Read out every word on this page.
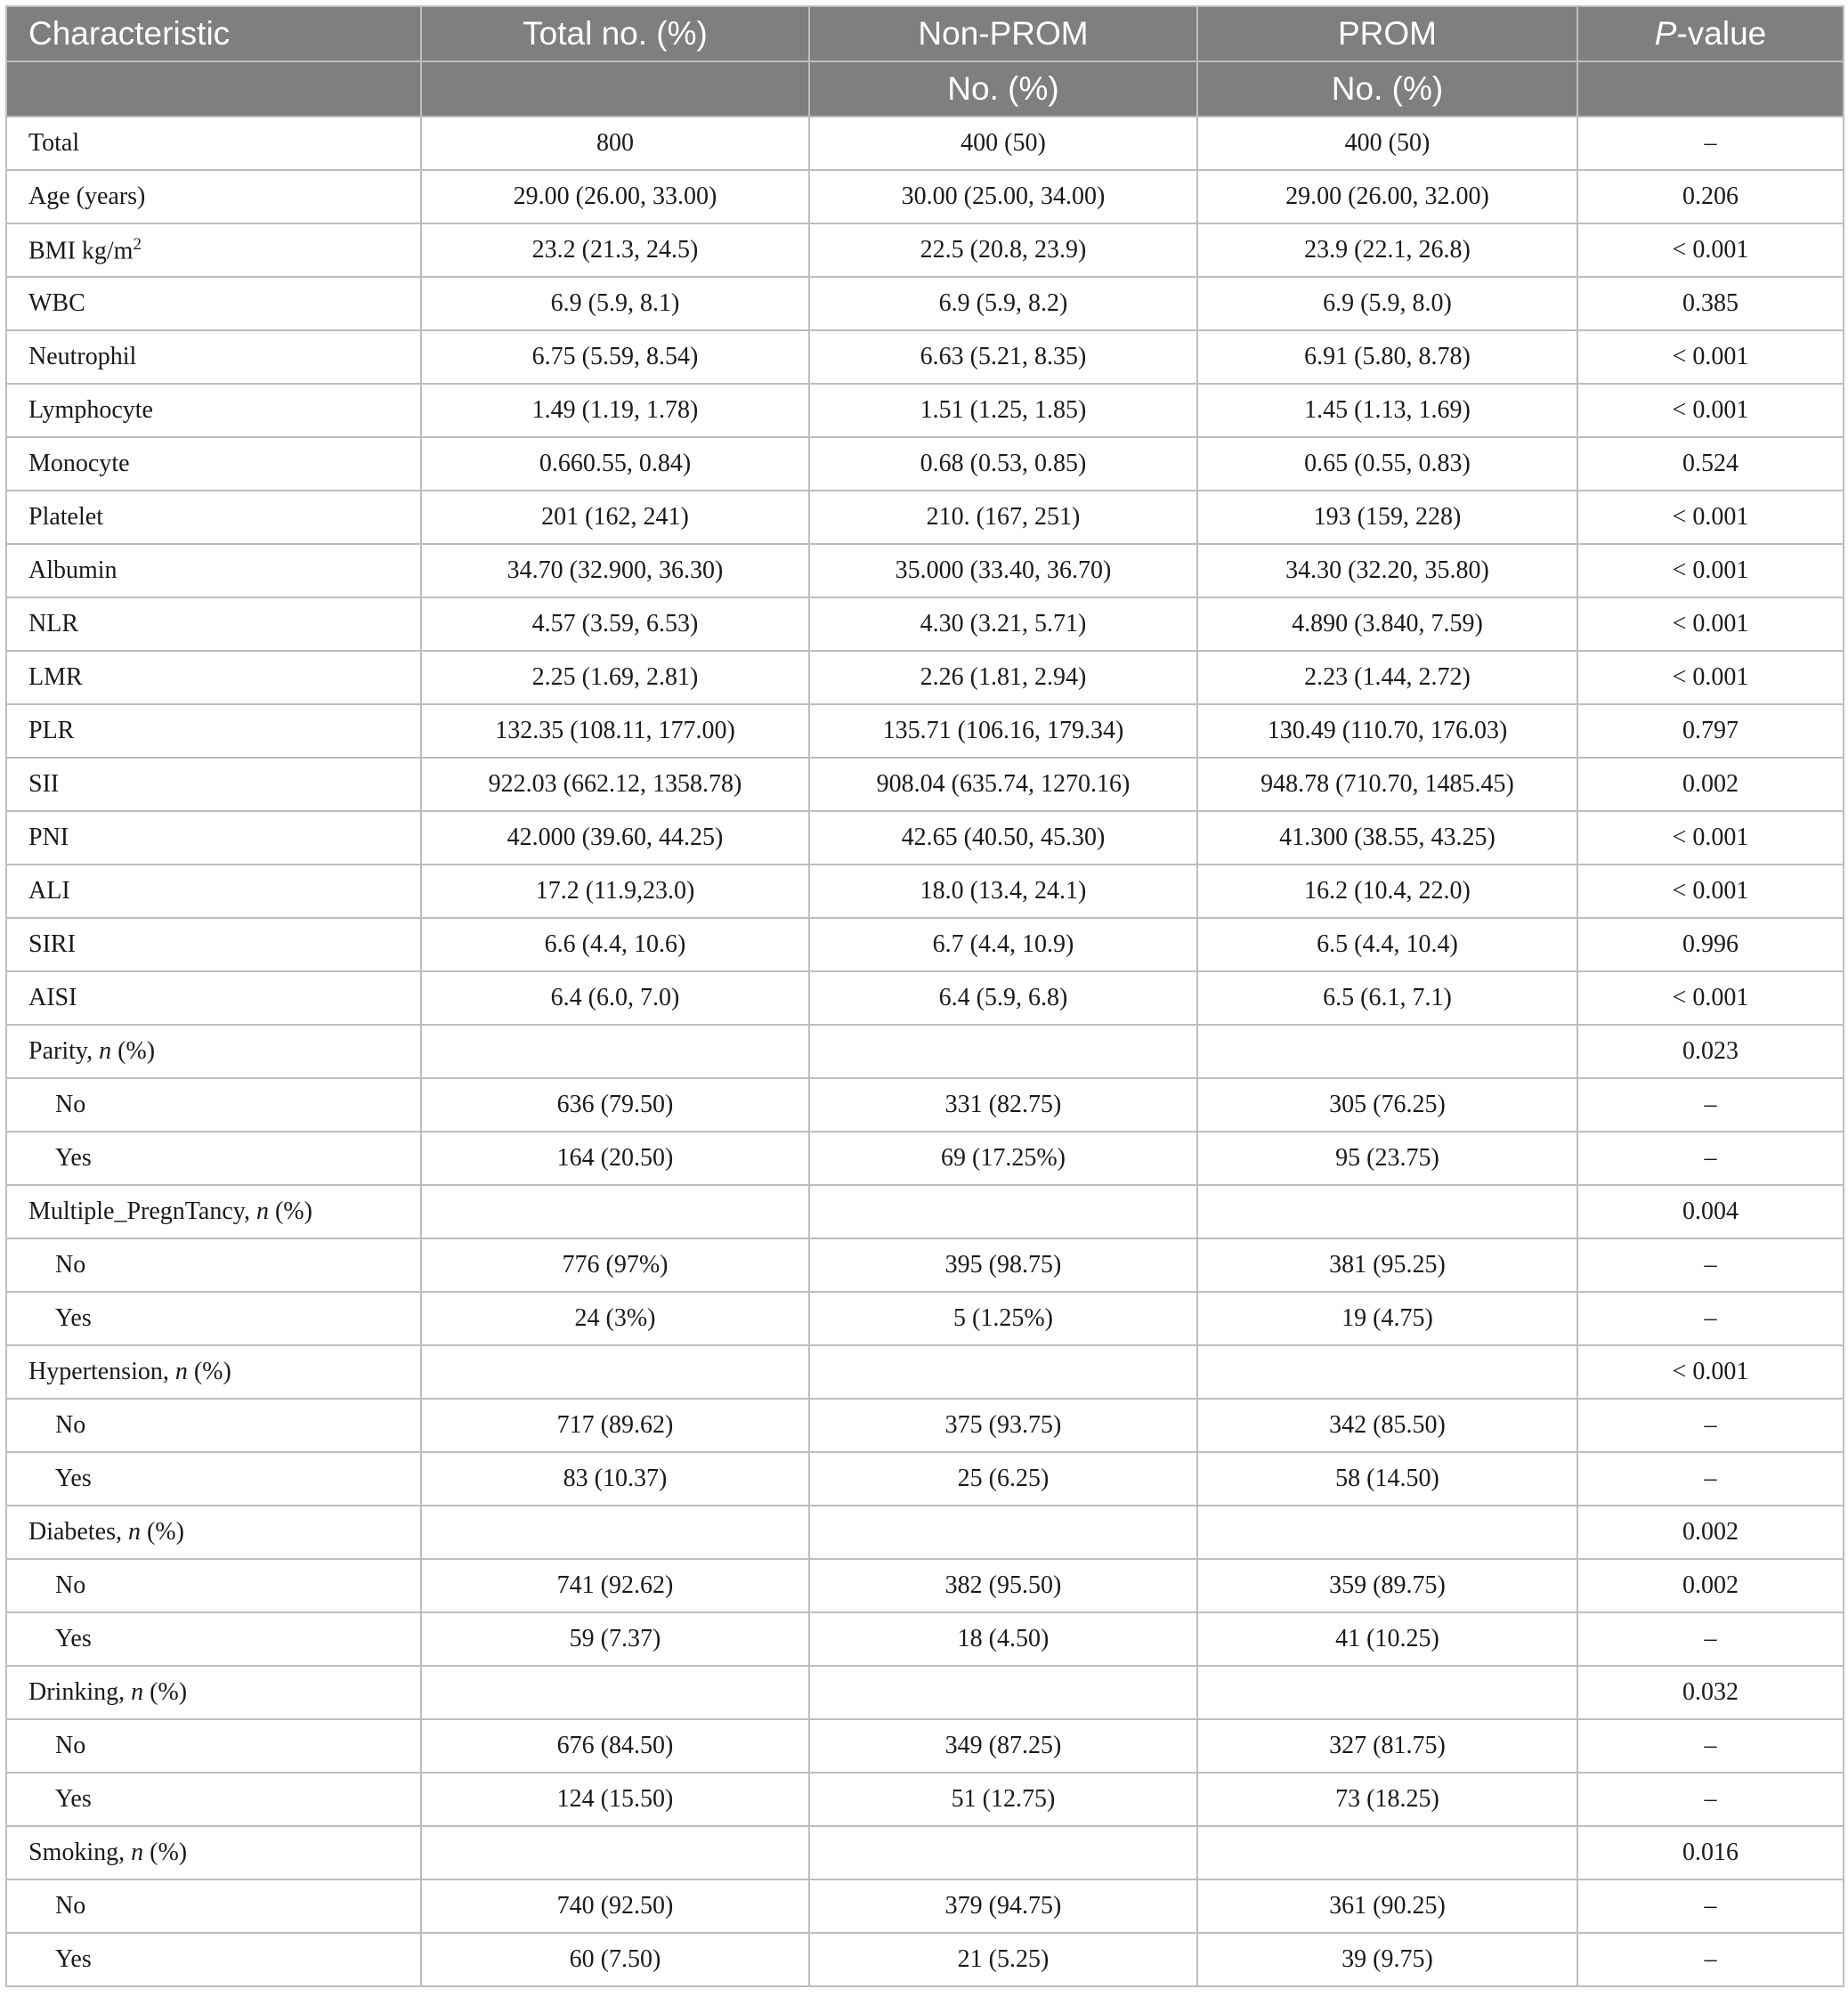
Characteristic	Total no. (%)	Non-PROM	PROM	P-value
		No. (%)	No. (%)	
Total	800	400 (50)	400 (50)	–
Age (years)	29.00 (26.00, 33.00)	30.00 (25.00, 34.00)	29.00 (26.00, 32.00)	0.206
BMI $kg/m^2$	23.2 (21.3, 24.5)	22.5 (20.8, 23.9)	23.9 (22.1, 26.8)	< 0.001
WBC	6.9 (5.9, 8.1)	6.9 (5.9, 8.2)	6.9 (5.9, 8.0)	0.385
Neutrophil	6.75 (5.59, 8.54)	6.63 (5.21, 8.35)	6.91 (5.80, 8.78)	< 0.001
Lymphocyte	1.49 (1.19, 1.78)	1.51 (1.25, 1.85)	1.45 (1.13, 1.69)	< 0.001
Monocyte	0.660.55, 0.84)	0.68 (0.53, 0.85)	0.65 (0.55, 0.83)	0.524
Platelet	201 (162, 241)	210. (167, 251)	193 (159, 228)	< 0.001
Albumin	34.70 (32.900, 36.30)	35.000 (33.40, 36.70)	34.30 (32.20, 35.80)	< 0.001
NLR	4.57 (3.59, 6.53)	4.30 (3.21, 5.71)	4.890 (3.840, 7.59)	< 0.001
LMR	2.25 (1.69, 2.81)	2.26 (1.81, 2.94)	2.23 (1.44, 2.72)	< 0.001
PLR	132.35 (108.11, 177.00)	135.71 (106.16, 179.34)	130.49 (110.70, 176.03)	0.797
SII	922.03 (662.12, 1358.78)	908.04 (635.74, 1270.16)	948.78 (710.70, 1485.45)	0.002
PNI	42.000 (39.60, 44.25)	42.65 (40.50, 45.30)	41.300 (38.55, 43.25)	< 0.001
ALI	17.2 (11.9,23.0)	18.0 (13.4, 24.1)	16.2 (10.4, 22.0)	< 0.001
SIRI	6.6 (4.4, 10.6)	6.7 (4.4, 10.9)	6.5 (4.4, 10.4)	0.996
AISI	6.4 (6.0, 7.0)	6.4 (5.9, 6.8)	6.5 (6.1, 7.1)	< 0.001
Parity, n (%)				0.023
No	636 (79.50)	331 (82.75)	305 (76.25)	–
Yes	164 (20.50)	69 (17.25%)	95 (23.75)	–
Multiple_PregnTancy, n (%)				0.004
No	776 (97%)	395 (98.75)	381 (95.25)	–
Yes	24 (3%)	5 (1.25%)	19 (4.75)	–
Hypertension, n (%)				< 0.001
No	717 (89.62)	375 (93.75)	342 (85.50)	–
Yes	83 (10.37)	25 (6.25)	58 (14.50)	–
Diabetes, n (%)				0.002
No	741 (92.62)	382 (95.50)	359 (89.75)	0.002
Yes	59 (7.37)	18 (4.50)	41 (10.25)	–
Drinking, n (%)				0.032
No	676 (84.50)	349 (87.25)	327 (81.75)	–
Yes	124 (15.50)	51 (12.75)	73 (18.25)	–
Smoking, n (%)				0.016
No	740 (92.50)	379 (94.75)	361 (90.25)	–
Yes	60 (7.50)	21 (5.25)	39 (9.75)	–
